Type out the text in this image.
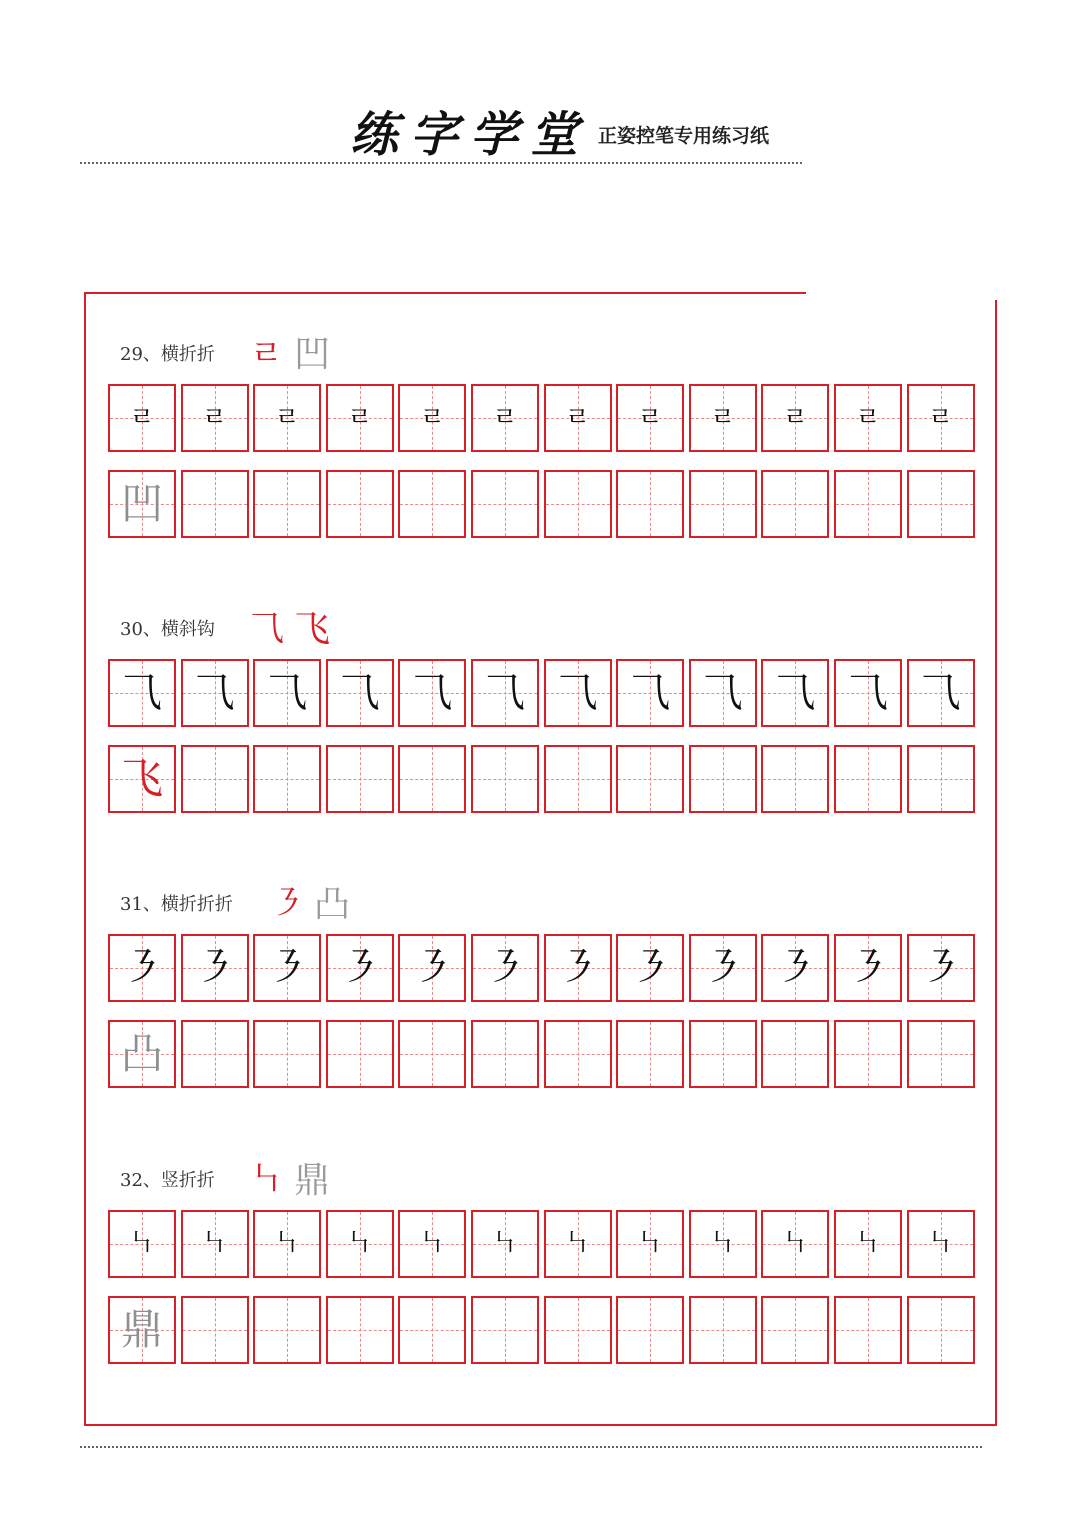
练字学堂 正姿控笔专用练习纸
29、横折折 ㄹ 凹
ㄹ	ㄹ	ㄹ	ㄹ	ㄹ	ㄹ	ㄹ	ㄹ	ㄹ	ㄹ	ㄹ	ㄹ
凹
30、横斜钩 ⺄ 飞
⺄ ⺄ ⺄ ⺄ ⺄ ⺄ ⺄ ⺄ ⺄ ⺄ ⺄ ⺄
飞
31、横折折折 ㇋ 凸
㇋ ㇋ ㇋ ㇋ ㇋ ㇋ ㇋ ㇋ ㇋ ㇋ ㇋ ㇋
凸
32、竖折折 ㇞ 鼎
㇞	㇞	㇞	㇞	㇞	㇞	㇞	㇞	㇞	㇞	㇞	㇞
鼎
